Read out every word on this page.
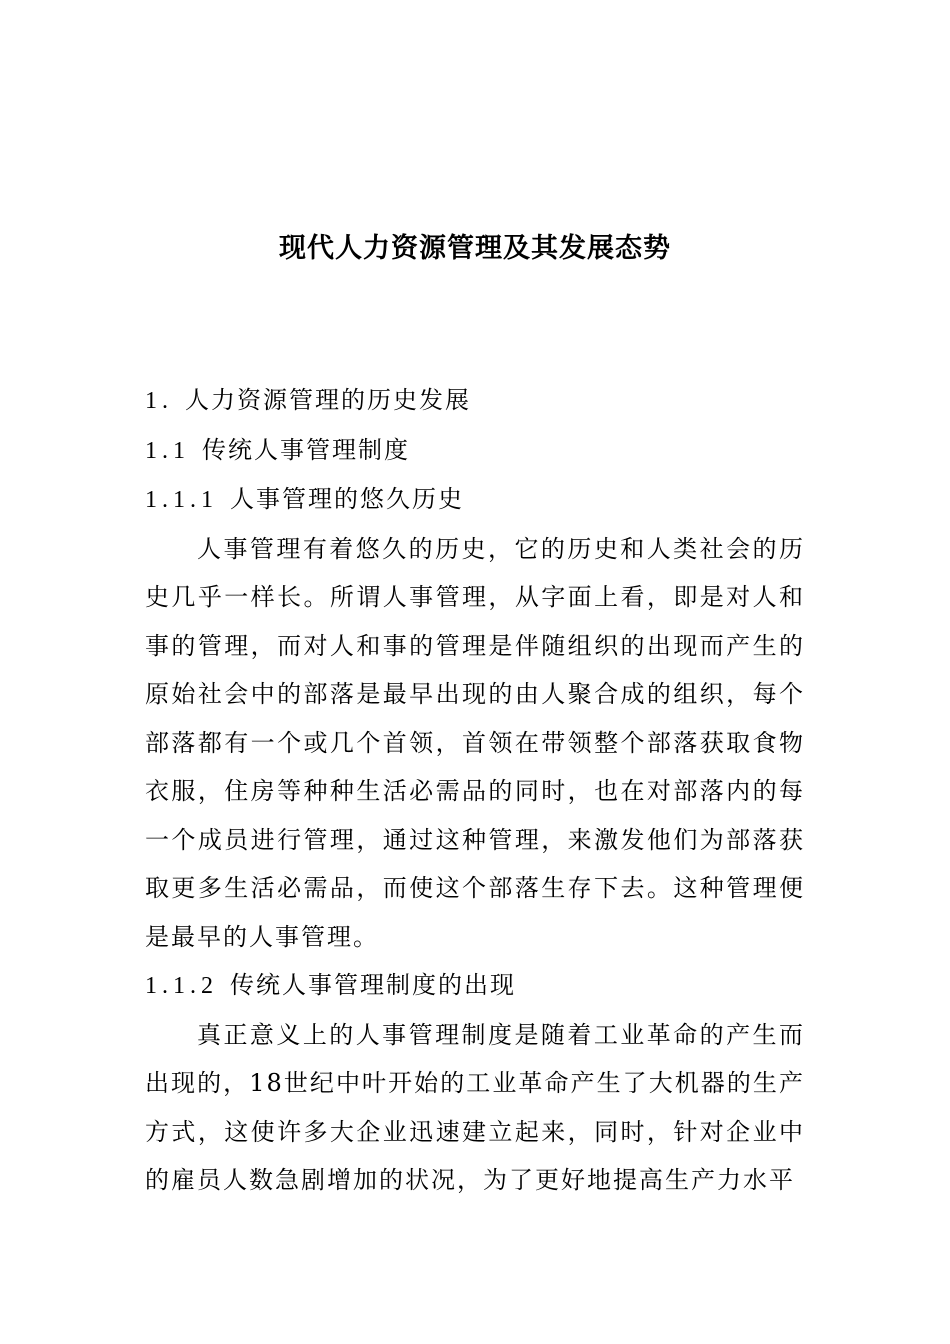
现代人力资源管理及其发展态势
1. 人力资源管理的历史发展
1.1 传统人事管理制度
1.1.1 人事管理的悠久历史

人事管理有着悠久的历史，它的历史和人类社会的历史几乎一样长。所谓人事管理，从字面上看，即是对人和事的管理，而对人和事的管理是伴随组织的出现而产生的原始社会中的部落是最早出现的由人聚合成的组织，每个部落都有一个或几个首领，首领在带领整个部落获取食物衣服，住房等种种生活必需品的同时，也在对部落内的每一个成员进行管理，通过这种管理，来激发他们为部落获取更多生活必需品，而使这个部落生存下去。这种管理便是最早的人事管理。

1.1.2 传统人事管理制度的出现

真正意义上的人事管理制度是随着工业革命的产生而出现的，18世纪中叶开始的工业革命产生了大机器的生产方式，这使许多大企业迅速建立起来，同时，针对企业中的雇员人数急剧增加的状况，为了更好地提高生产力水平
